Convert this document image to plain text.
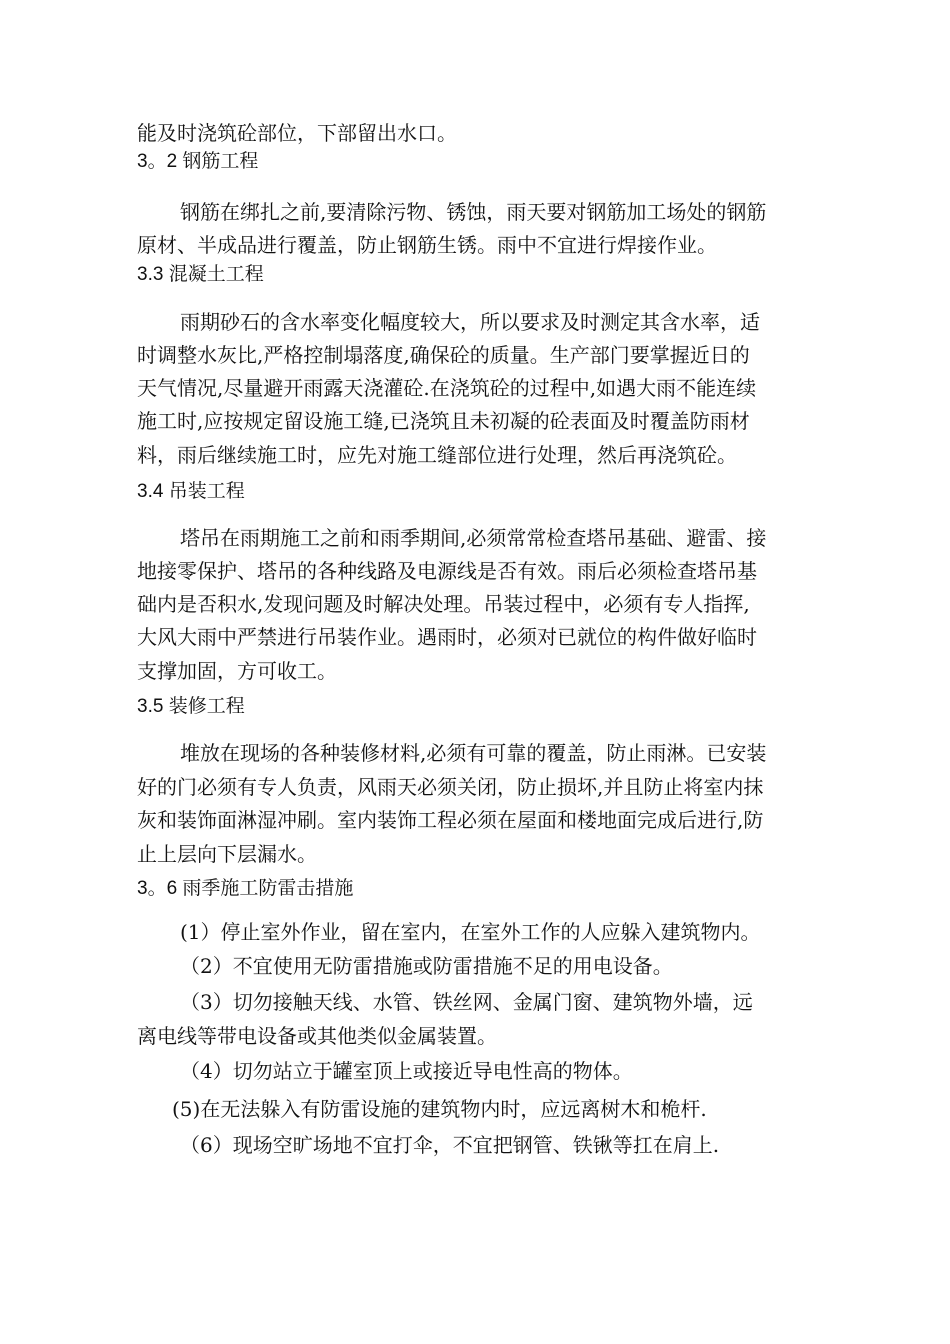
能及时浇筑砼部位，下部留出水口。

3。2 钢筋工程

钢筋在绑扎之前,要清除污物、锈蚀，雨天要对钢筋加工场处的钢筋

原材、半成品进行覆盖，防止钢筋生锈。雨中不宜进行焊接作业。

3.3 混凝土工程

雨期砂石的含水率变化幅度较大，所以要求及时测定其含水率，适

时调整水灰比,严格控制塌落度,确保砼的质量。生产部门要掌握近日的

天气情况,尽量避开雨露天浇灌砼.在浇筑砼的过程中,如遇大雨不能连续

施工时,应按规定留设施工缝,已浇筑且未初凝的砼表面及时覆盖防雨材

料，雨后继续施工时，应先对施工缝部位进行处理，然后再浇筑砼。

3.4 吊装工程

塔吊在雨期施工之前和雨季期间,必须常常检查塔吊基础、避雷、接

地接零保护、塔吊的各种线路及电源线是否有效。雨后必须检查塔吊基

础内是否积水,发现问题及时解决处理。吊装过程中，必须有专人指挥,

大风大雨中严禁进行吊装作业。遇雨时，必须对已就位的构件做好临时

支撑加固，方可收工。

3.5 装修工程

堆放在现场的各种装修材料,必须有可靠的覆盖，防止雨淋。已安装

好的门必须有专人负责，风雨天必须关闭，防止损坏,并且防止将室内抹

灰和装饰面淋湿冲刷。室内装饰工程必须在屋面和楼地面完成后进行,防

止上层向下层漏水。

3。6 雨季施工防雷击措施

(1）停止室外作业，留在室内，在室外工作的人应躲入建筑物内。

（2）不宜使用无防雷措施或防雷措施不足的用电设备。

（3）切勿接触天线、水管、铁丝网、金属门窗、建筑物外墙，远

离电线等带电设备或其他类似金属装置。

（4）切勿站立于罐室顶上或接近导电性高的物体。

(5)在无法躲入有防雷设施的建筑物内时，应远离树木和桅杆.

（6）现场空旷场地不宜打伞，不宜把钢管、铁锹等扛在肩上.
